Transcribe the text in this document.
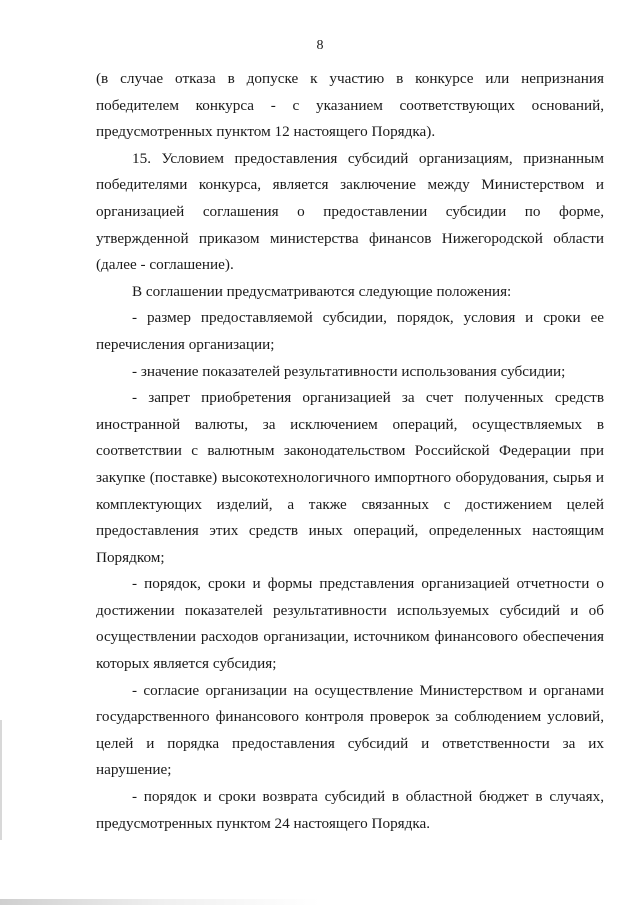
8

(в случае отказа в допуске к участию в конкурсе или непризнания победителем конкурса - с указанием соответствующих оснований, предусмотренных пунктом 12 настоящего Порядка).

15. Условием предоставления субсидий организациям, признанным победителями конкурса, является заключение между Министерством и организацией соглашения о предоставлении субсидии по форме, утвержденной приказом министерства финансов Нижегородской области (далее - соглашение).

В соглашении предусматриваются следующие положения:

- размер предоставляемой субсидии, порядок, условия и сроки ее перечисления организации;

- значение показателей результативности использования субсидии;

- запрет приобретения организацией за счет полученных средств иностранной валюты, за исключением операций, осуществляемых в соответствии с валютным законодательством Российской Федерации при закупке (поставке) высокотехнологичного импортного оборудования, сырья и комплектующих изделий, а также связанных с достижением целей предоставления этих средств иных операций, определенных настоящим Порядком;

- порядок, сроки и формы представления организацией отчетности о достижении показателей результативности используемых субсидий и об осуществлении расходов организации, источником финансового обеспечения которых является субсидия;

- согласие организации на осуществление Министерством и органами государственного финансового контроля проверок за соблюдением условий, целей и порядка предоставления субсидий и ответственности за их нарушение;

- порядок и сроки возврата субсидий в областной бюджет в случаях, предусмотренных пунктом 24 настоящего Порядка.
